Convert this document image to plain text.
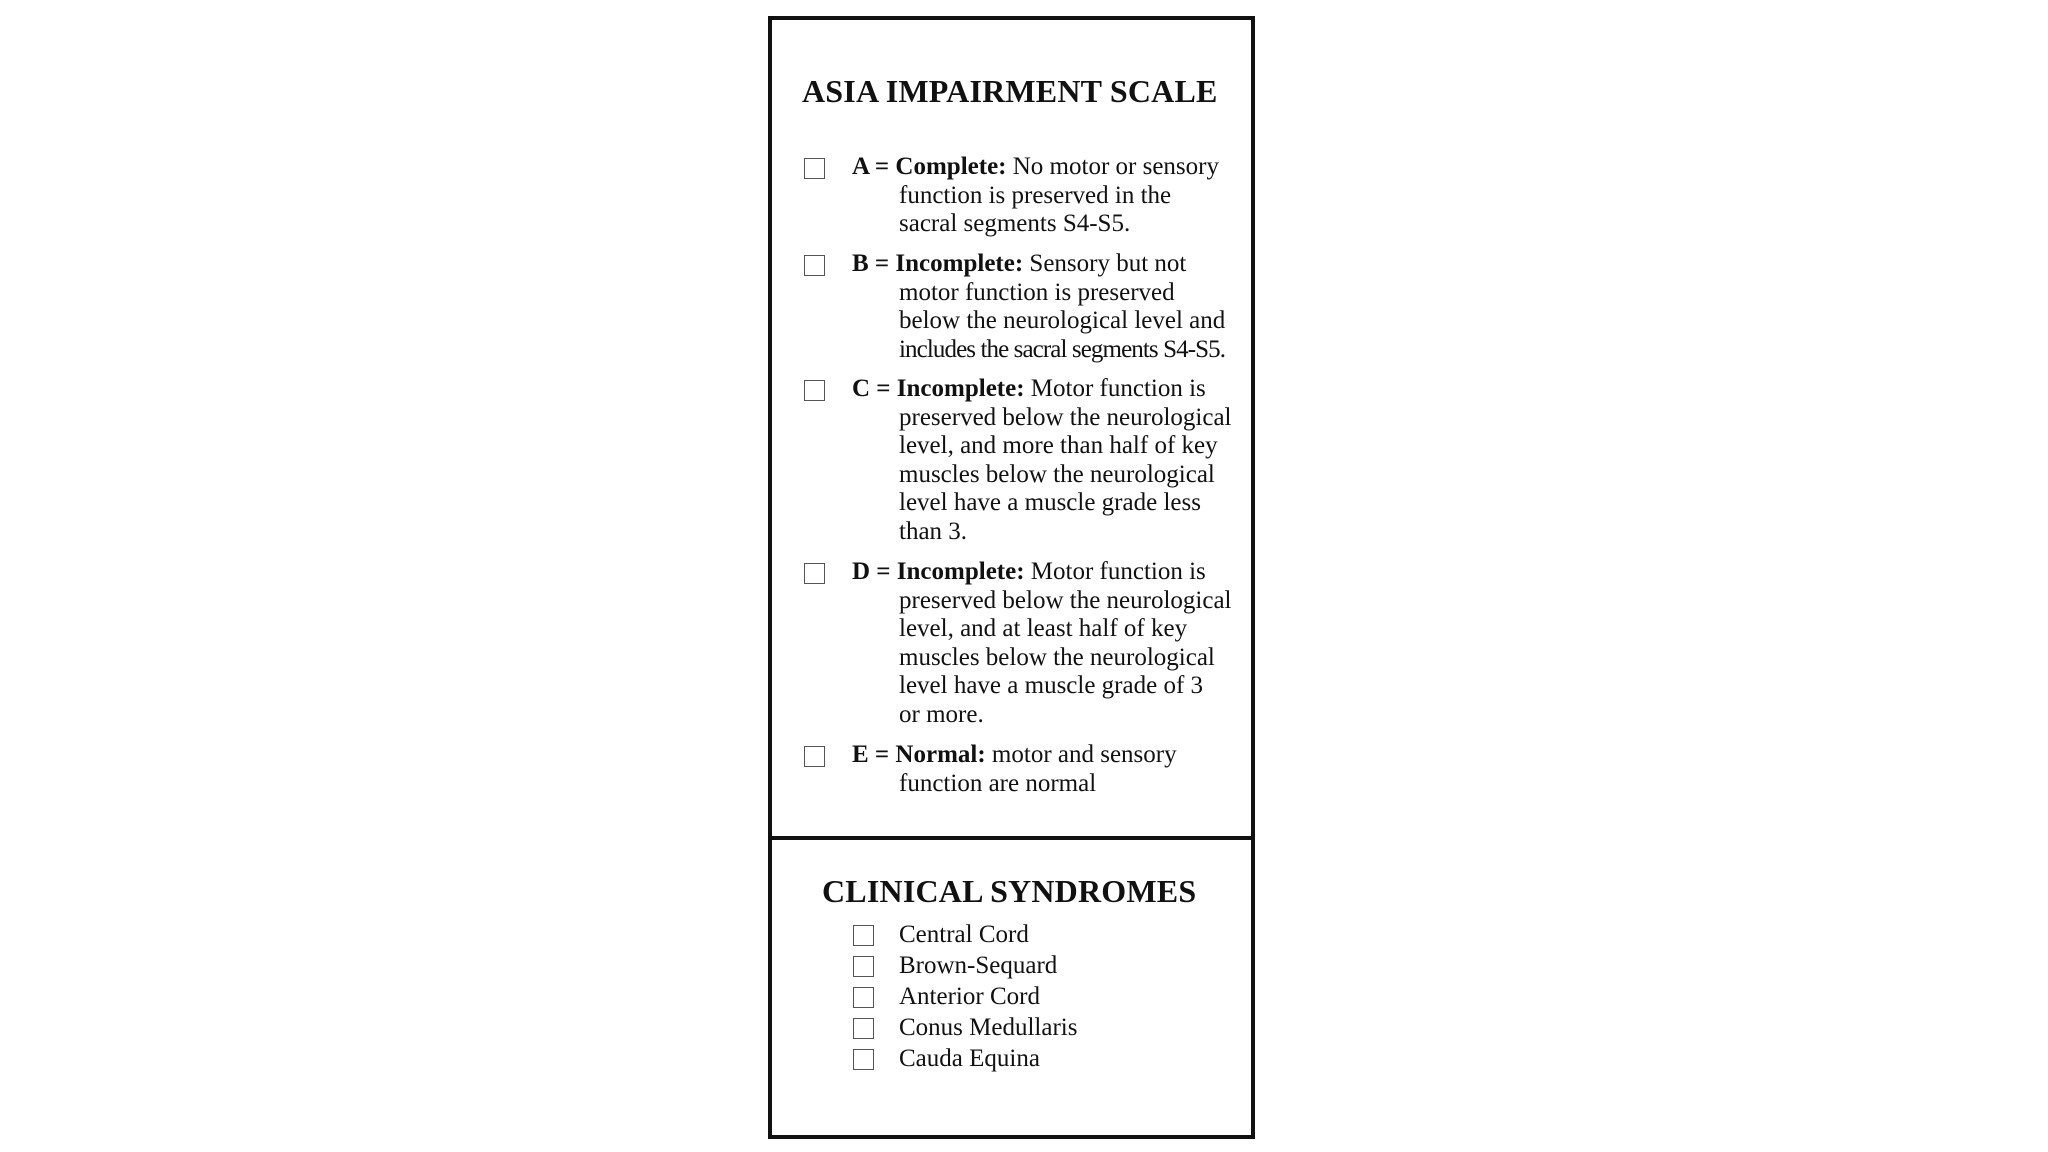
ASIA IMPAIRMENT SCALE
A = Complete: No motor or sensory
function is preserved in the
sacral segments S4-S5.
B = Incomplete: Sensory but not
motor function is preserved
below the neurological level and
includes the sacral segments S4-S5.
C = Incomplete: Motor function is
preserved below the neurological
level, and more than half of key
muscles below the neurological
level have a muscle grade less
than 3.
D = Incomplete: Motor function is
preserved below the neurological
level, and at least half of key
muscles below the neurological
level have a muscle grade of 3
or more.
E = Normal: motor and sensory
function are normal
CLINICAL SYNDROMES
Central Cord
Brown-Sequard
Anterior Cord
Conus Medullaris
Cauda Equina
